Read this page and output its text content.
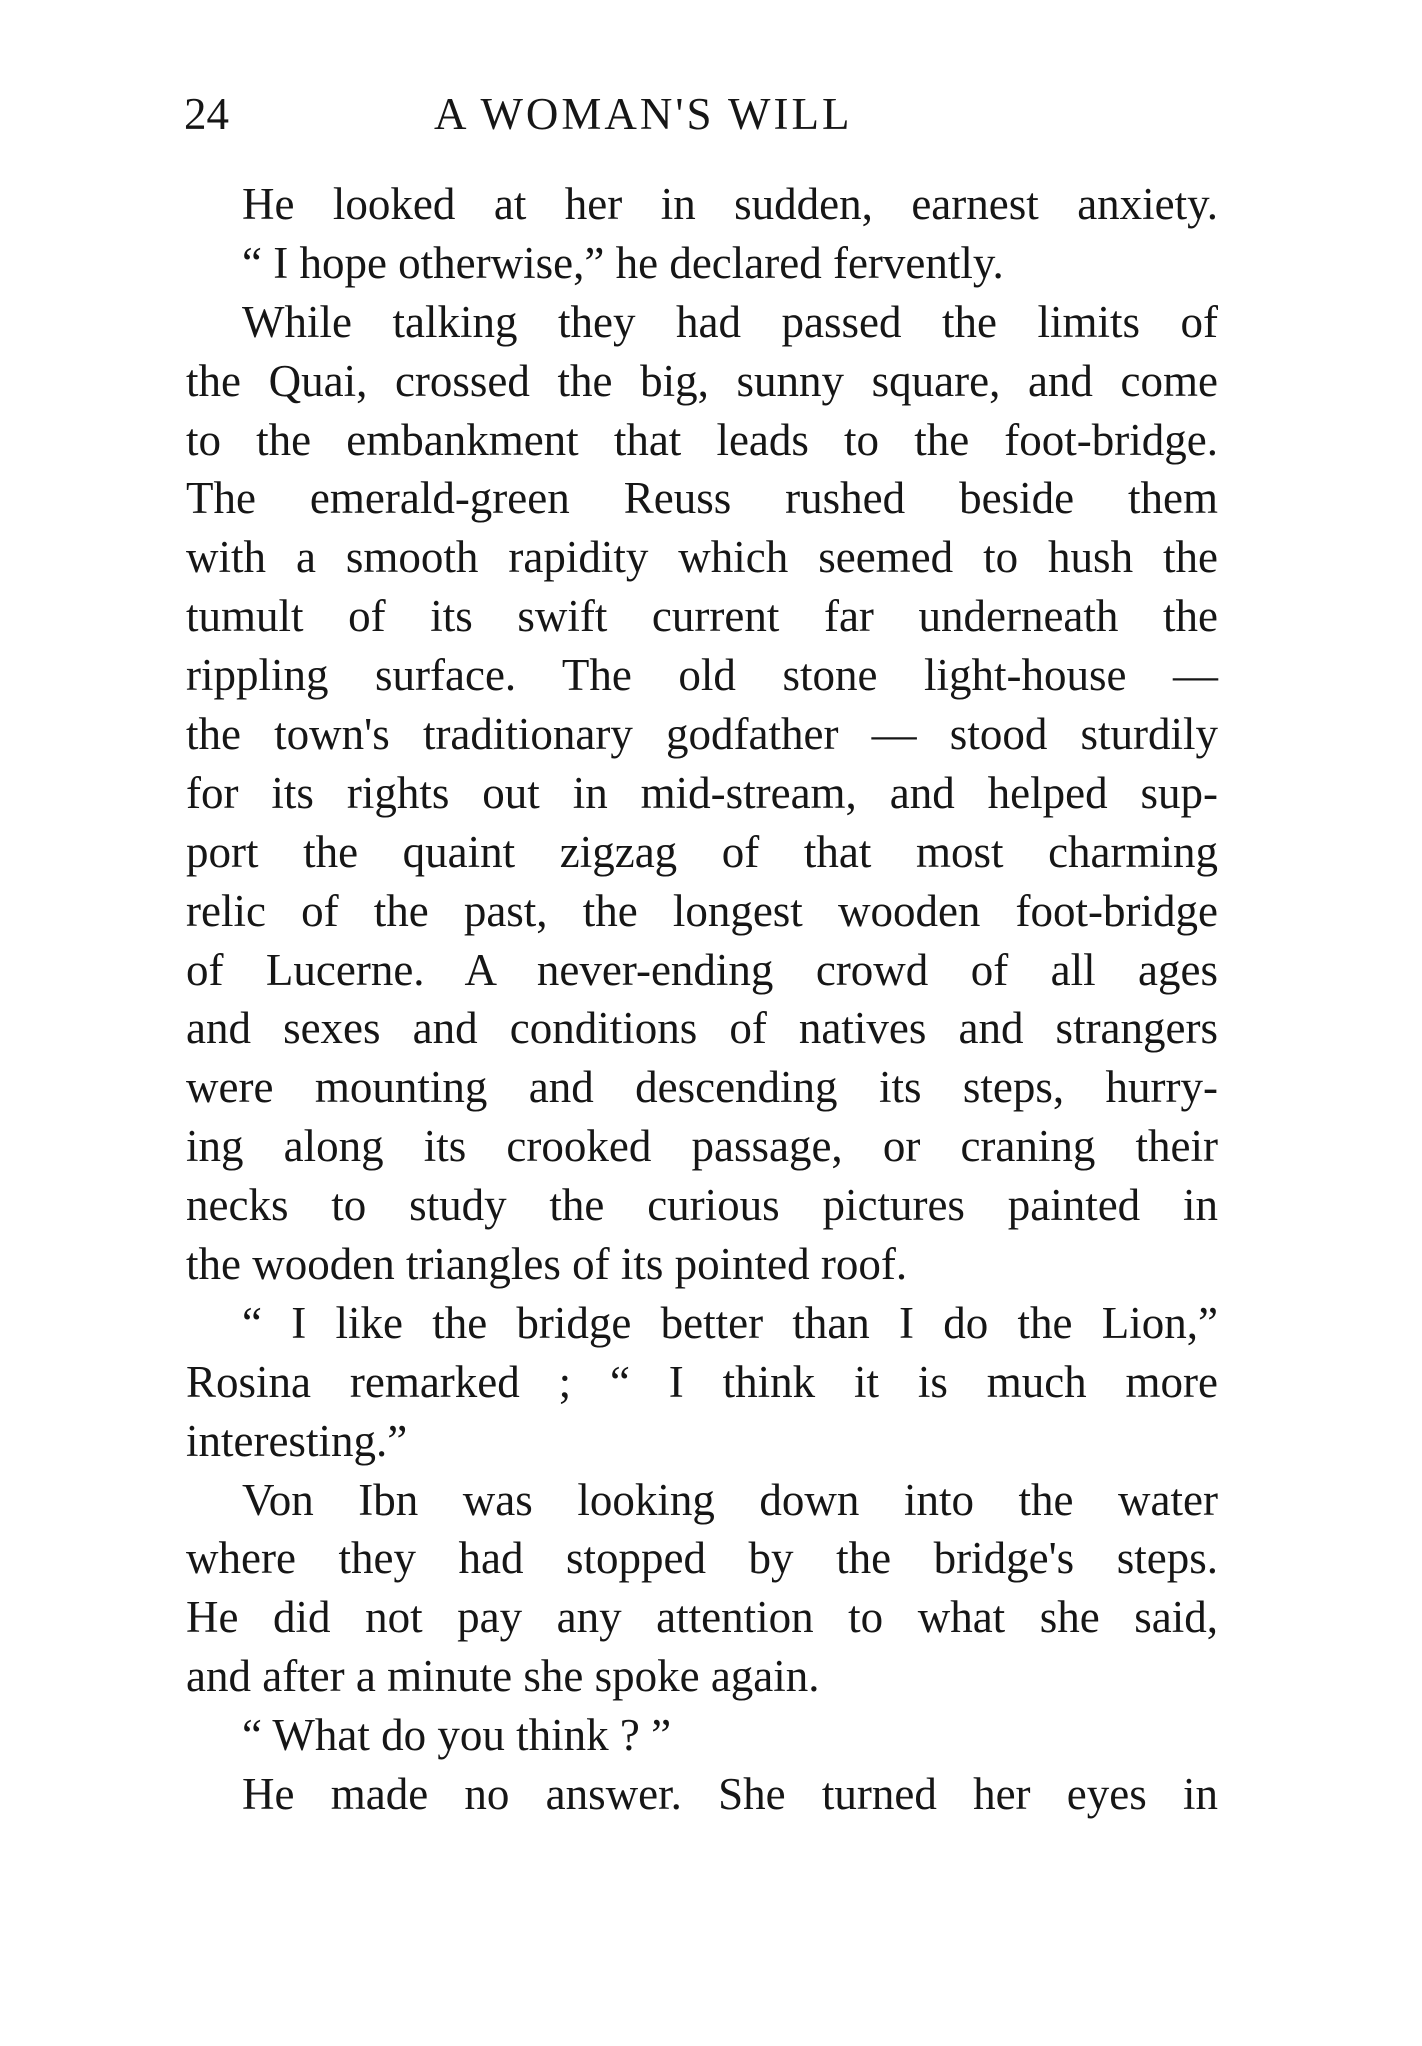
24	A WOMAN'S WILL
He looked at her in sudden, earnest anxiety.
“ I hope otherwise,” he declared fervently.
While talking they had passed the limits of
the Quai, crossed the big, sunny square, and come
to the embankment that leads to the foot-bridge.
The emerald-green Reuss rushed beside them
with a smooth rapidity which seemed to hush the
tumult of its swift current far underneath the
rippling surface. The old stone light-house —
the town's traditionary godfather — stood sturdily
for its rights out in mid-stream, and helped sup-
port the quaint zigzag of that most charming
relic of the past, the longest wooden foot-bridge
of Lucerne. A never-ending crowd of all ages
and sexes and conditions of natives and strangers
were mounting and descending its steps, hurry-
ing along its crooked passage, or craning their
necks to study the curious pictures painted in
the wooden triangles of its pointed roof.
“ I like the bridge better than I do the Lion,”
Rosina remarked ; “ I think it is much more
interesting.”
Von Ibn was looking down into the water
where they had stopped by the bridge's steps.
He did not pay any attention to what she said,
and after a minute she spoke again.
“ What do you think ? ”
He made no answer. She turned her eyes in
